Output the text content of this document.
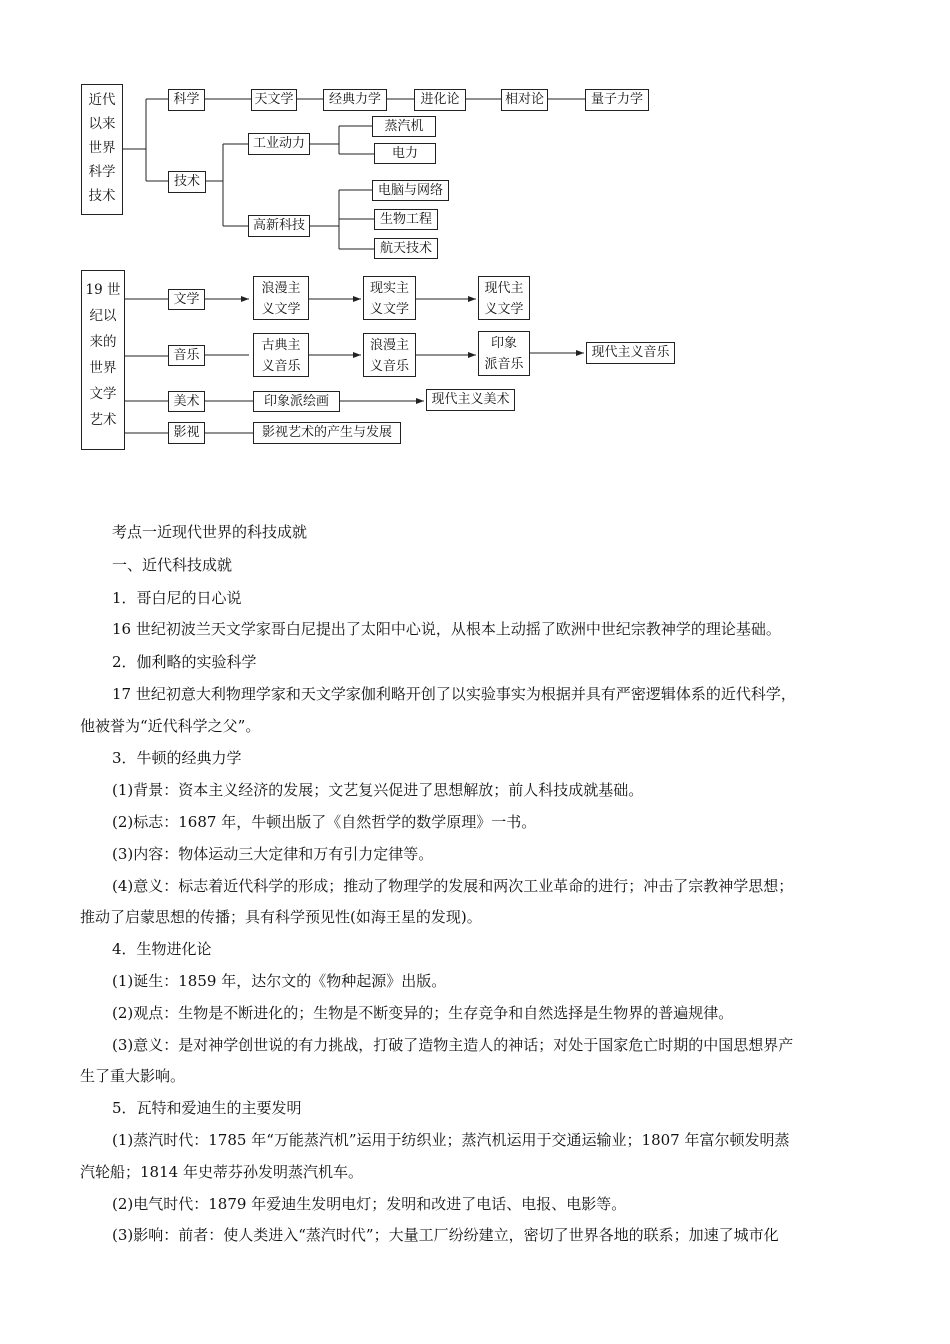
近代
以来
世界
科学
技术
科学	天文学	经典力学	进化论	相对论	量子力学
技术
工业动力
蒸汽机
电力
高新科技
电脑与网络
生物工程
航天技术
19 世
纪以
来的
世界
文学
艺术
文学
浪漫主
义文学
现实主
义文学
现代主
义文学
音乐
古典主
义音乐
浪漫主
义音乐
印象
派音乐
现代主义音乐
美术	印象派绘画	现代主义美术
影视	影视艺术的产生与发展
考点一近现代世界的科技成就
一、近代科技成就
1．哥白尼的日心说
16 世纪初波兰天文学家哥白尼提出了太阳中心说，从根本上动摇了欧洲中世纪宗教神学的理论基础。
2．伽利略的实验科学
17 世纪初意大利物理学家和天文学家伽利略开创了以实验事实为根据并具有严密逻辑体系的近代科学，
他被誉为“近代科学之父”。
3．牛顿的经典力学
(1)背景：资本主义经济的发展；文艺复兴促进了思想解放；前人科技成就基础。
(2)标志：1687 年，牛顿出版了《自然哲学的数学原理》一书。
(3)内容：物体运动三大定律和万有引力定律等。
(4)意义：标志着近代科学的形成；推动了物理学的发展和两次工业革命的进行；冲击了宗教神学思想；
推动了启蒙思想的传播；具有科学预见性(如海王星的发现)。
4．生物进化论
(1)诞生：1859 年，达尔文的《物种起源》出版。
(2)观点：生物是不断进化的；生物是不断变异的；生存竞争和自然选择是生物界的普遍规律。
(3)意义：是对神学创世说的有力挑战，打破了造物主造人的神话；对处于国家危亡时期的中国思想界产
生了重大影响。
5．瓦特和爱迪生的主要发明
(1)蒸汽时代：1785 年“万能蒸汽机”运用于纺织业；蒸汽机运用于交通运输业；1807 年富尔顿发明蒸
汽轮船；1814 年史蒂芬孙发明蒸汽机车。
(2)电气时代：1879 年爱迪生发明电灯；发明和改进了电话、电报、电影等。
(3)影响：前者：使人类进入“蒸汽时代”；大量工厂纷纷建立，密切了世界各地的联系；加速了城市化
